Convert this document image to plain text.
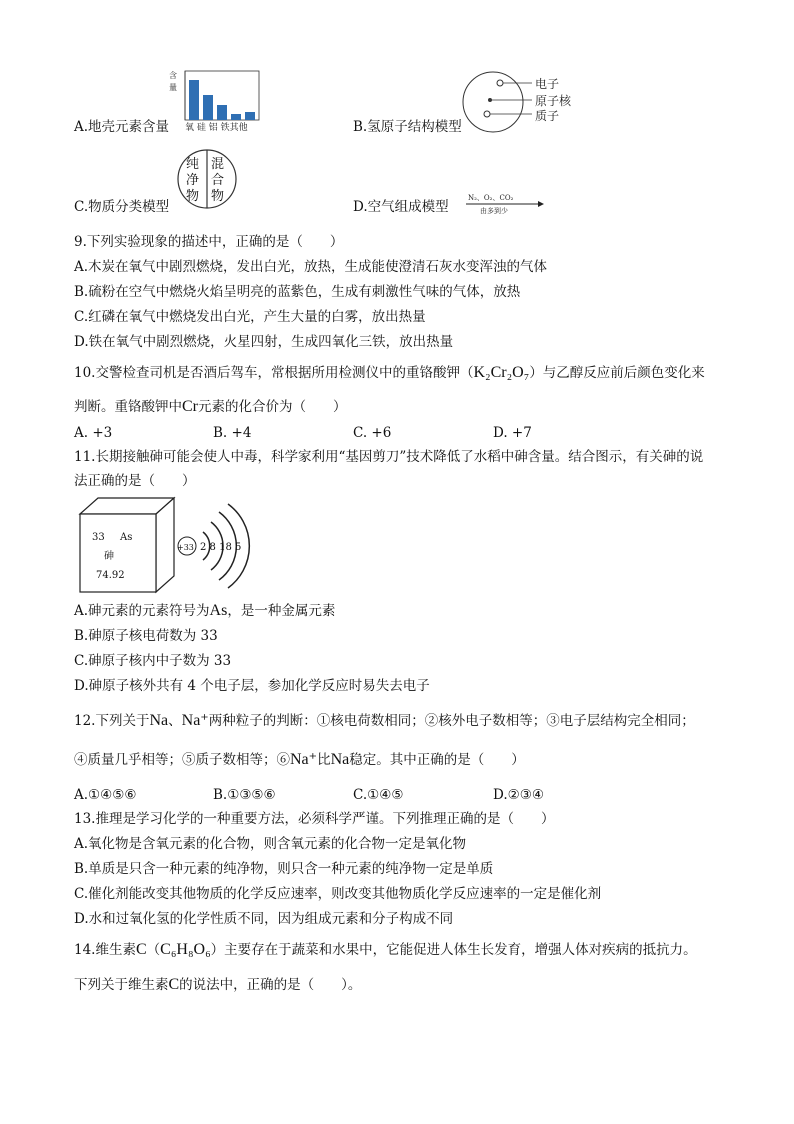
含
量
氧 硅 铝 铁其他
A.地壳元素含量
电子
原子核
质子
B.氢原子结构模型
纯
净
物
混
合
物
C.物质分类模型	D.空气组成模型
N₂、O₂、CO₂
由多到少
9.下列实验现象的描述中，正确的是（　　）
A.木炭在氧气中剧烈燃烧，发出白光，放热，生成能使澄清石灰水变浑浊的气体
B.硫粉在空气中燃烧火焰呈明亮的蓝紫色，生成有刺激性气味的气体，放热
C.红磷在氧气中燃烧发出白光，产生大量的白雾，放出热量
D.铁在氧气中剧烈燃烧，火星四射，生成四氧化三铁，放出热量
10.交警检查司机是否酒后驾车，常根据所用检测仪中的重铬酸钾（K₂Cr₂O₇）与乙醇反应前后颜色变化来
判断。重铬酸钾中Cr元素的化合价为（　　）
A. +3	B. +4	C. +6	D. +7
11.长期接触砷可能会使人中毒，科学家利用“基因剪刀”技术降低了水稻中砷含量。结合图示，有关砷的说
法正确的是（　　）
33 As
砷
74.92
+33 2 8 18 5
A.砷元素的元素符号为As，是一种金属元素
B.砷原子核电荷数为 33
C.砷原子核内中子数为 33
D.砷原子核外共有 4 个电子层，参加化学反应时易失去电子
12.下列关于Na、Na⁺两种粒子的判断：①核电荷数相同；②核外电子数相等；③电子层结构完全相同；
④质量几乎相等；⑤质子数相等；⑥Na⁺比Na稳定。其中正确的是（　　）
A.①④⑤⑥	B.①③⑤⑥	C.①④⑤	D.②③④
13.推理是学习化学的一种重要方法，必须科学严谨。下列推理正确的是（　　）
A.氧化物是含氧元素的化合物，则含氧元素的化合物一定是氧化物
B.单质是只含一种元素的纯净物，则只含一种元素的纯净物一定是单质
C.催化剂能改变其他物质的化学反应速率，则改变其他物质化学反应速率的一定是催化剂
D.水和过氧化氢的化学性质不同，因为组成元素和分子构成不同
14.维生素C（C₆H₈O₆）主要存在于蔬菜和水果中，它能促进人体生长发育，增强人体对疾病的抵抗力。
下列关于维生素C的说法中，正确的是（　　）。
